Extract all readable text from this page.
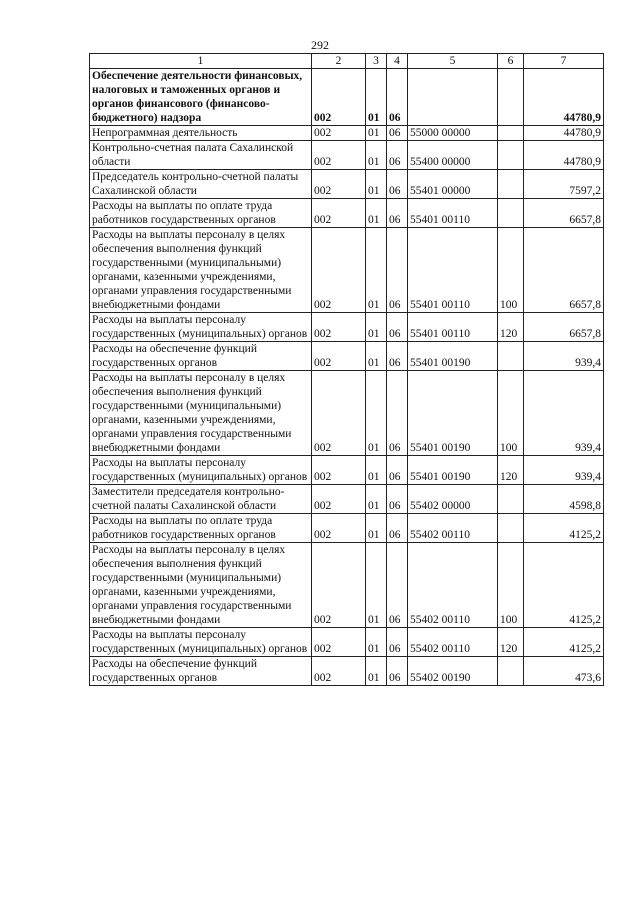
292
1	2	3	4	5	6	7
Обеспечение деятельности финансовых, налоговых и таможенных органов и органов финансового (финансово-бюджетного) надзора	002	01	06			44780,9
Непрограммная деятельность	002	01	06	55000 00000		44780,9
Контрольно-счетная палата Сахалинской области	002	01	06	55400 00000		44780,9
Председатель контрольно-счетной палаты Сахалинской области	002	01	06	55401 00000		7597,2
Расходы на выплаты по оплате труда работников государственных органов	002	01	06	55401 00110		6657,8
Расходы на выплаты персоналу в целях обеспечения выполнения функций государственными (муниципальными) органами, казенными учреждениями, органами управления государственными внебюджетными фондами	002	01	06	55401 00110	100	6657,8
Расходы на выплаты персоналу государственных (муниципальных) органов	002	01	06	55401 00110	120	6657,8
Расходы на обеспечение функций государственных органов	002	01	06	55401 00190		939,4
Расходы на выплаты персоналу в целях обеспечения выполнения функций государственными (муниципальными) органами, казенными учреждениями, органами управления государственными внебюджетными фондами	002	01	06	55401 00190	100	939,4
Расходы на выплаты персоналу государственных (муниципальных) органов	002	01	06	55401 00190	120	939,4
Заместители председателя контрольно-счетной палаты Сахалинской области	002	01	06	55402 00000		4598,8
Расходы на выплаты по оплате труда работников государственных органов	002	01	06	55402 00110		4125,2
Расходы на выплаты персоналу в целях обеспечения выполнения функций государственными (муниципальными) органами, казенными учреждениями, органами управления государственными внебюджетными фондами	002	01	06	55402 00110	100	4125,2
Расходы на выплаты персоналу государственных (муниципальных) органов	002	01	06	55402 00110	120	4125,2
Расходы на обеспечение функций государственных органов	002	01	06	55402 00190		473,6
